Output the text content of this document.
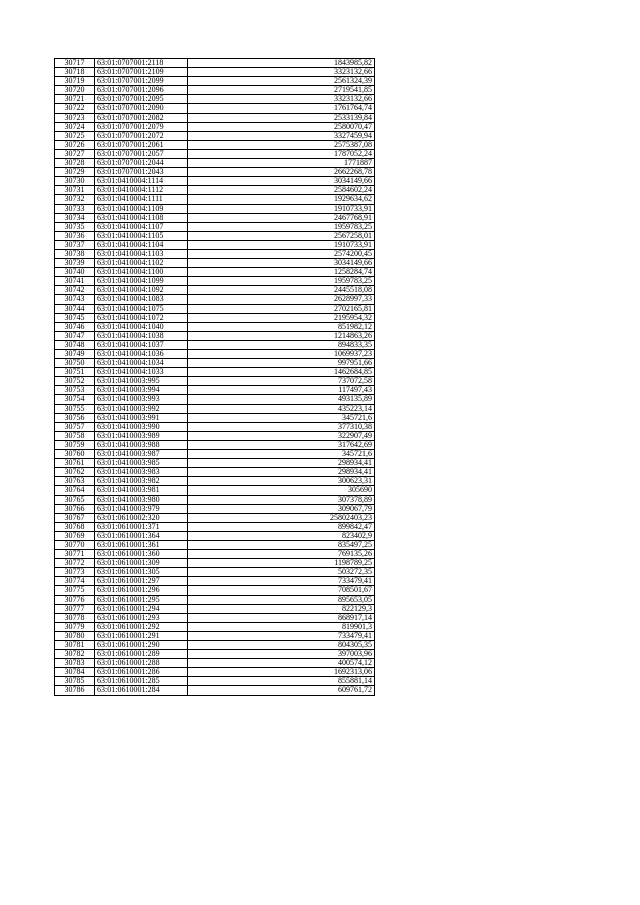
30717	63:01:0707001:2118	1843985,82
30718	63:01:0707001:2109	3323132,66
30719	63:01:0707001:2099	2561324,39
30720	63:01:0707001:2096	2719541,85
30721	63:01:0707001:2095	3323132,66
30722	63:01:0707001:2090	1761764,74
30723	63:01:0707001:2082	2533139,84
30724	63:01:0707001:2079	2580070,47
30725	63:01:0707001:2072	3327459,94
30726	63:01:0707001:2061	2575387,08
30727	63:01:0707001:2057	1787052,24
30728	63:01:0707001:2044	1771887
30729	63:01:0707001:2043	2662268,78
30730	63:01:0410004:1114	3034149,66
30731	63:01:0410004:1112	2584602,24
30732	63:01:0410004:1111	1929634,62
30733	63:01:0410004:1109	1910733,91
30734	63:01:0410004:1108	2467768,91
30735	63:01:0410004:1107	1959783,25
30736	63:01:0410004:1105	2567258,01
30737	63:01:0410004:1104	1910733,91
30738	63:01:0410004:1103	2574200,45
30739	63:01:0410004:1102	3034149,66
30740	63:01:0410004:1100	1258284,74
30741	63:01:0410004:1099	1959783,25
30742	63:01:0410004:1092	2445518,08
30743	63:01:0410004:1083	2628997,33
30744	63:01:0410004:1075	2702165,81
30745	63:01:0410004:1072	2195954,32
30746	63:01:0410004:1040	851982,12
30747	63:01:0410004:1038	1214863,26
30748	63:01:0410004:1037	894833,35
30749	63:01:0410004:1036	1069937,23
30750	63:01:0410004:1034	997951,66
30751	63:01:0410004:1033	1462684,85
30752	63:01:0410003:995	737072,58
30753	63:01:0410003:994	117497,43
30754	63:01:0410003:993	493135,89
30755	63:01:0410003:992	435223,14
30756	63:01:0410003:991	345721,6
30757	63:01:0410003:990	377310,38
30758	63:01:0410003:989	322907,49
30759	63:01:0410003:988	317642,69
30760	63:01:0410003:987	345721,6
30761	63:01:0410003:985	298934,41
30762	63:01:0410003:983	298934,41
30763	63:01:0410003:982	300623,31
30764	63:01:0410003:981	305690
30765	63:01:0410003:980	307378,89
30766	63:01:0410003:979	309067,79
30767	63:01:0610002:320	25802403,23
30768	63:01:0610001:371	899842,47
30769	63:01:0610001:364	823402,9
30770	63:01:0610001:361	835497,25
30771	63:01:0610001:360	769135,26
30772	63:01:0610001:309	1198789,25
30773	63:01:0610001:305	503272,35
30774	63:01:0610001:297	733479,41
30775	63:01:0610001:296	708501,67
30776	63:01:0610001:295	895653,05
30777	63:01:0610001:294	822129,3
30778	63:01:0610001:293	868917,14
30779	63:01:0610001:292	819901,3
30780	63:01:0610001:291	733479,41
30781	63:01:0610001:290	804305,35
30782	63:01:0610001:289	397003,96
30783	63:01:0610001:288	400574,12
30784	63:01:0610001:286	1692313,06
30785	63:01:0610001:285	855881,14
30786	63:01:0610001:284	609761,72
